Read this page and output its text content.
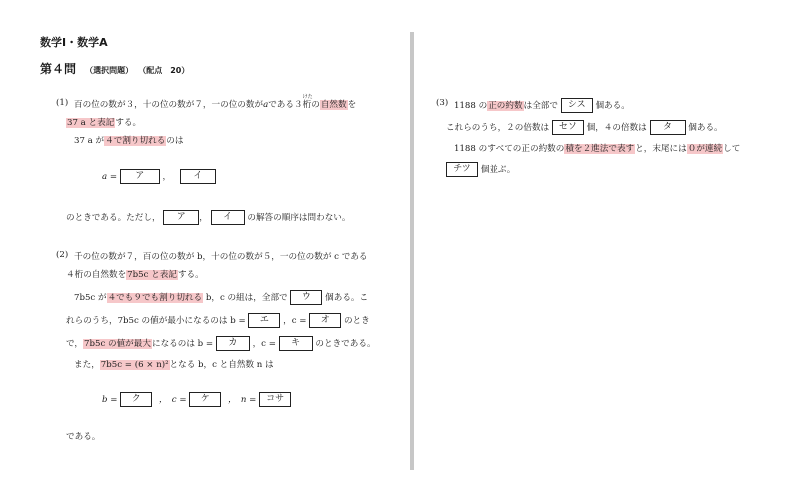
数学Ⅰ・数学A
第４問 （選択問題） （配点　20）
(1) 百の位の数が３，十の位の数が７，一の位の数がaである３
けた
桁の自然数を
37 a と表記する。
37 a が４で割り切れるのは
a = ア ， イ
のときである。ただし， ア ， イ の解答の順序は問わない。
(2) 千の位の数が７，百の位の数が b，十の位の数が５，一の位の数が c である
４桁の自然数を7b5c と表記する。
7b5c が４でも９でも割り切れる b，c の組は，全部で ウ 個ある。こ
れらのうち，7b5c の値が最小になるのは b = エ ，c = オ のとき
で，7b5c の値が最大になるのは b = カ ，c = キ のときである。
また，7b5c = (6 × n)²となる b，c と自然数 n は
b = ク ，　c = ケ ，　n = コサ
である。
(3) 1188 の正の約数は全部で シス 個ある。
これらのうち，２の倍数は セソ 個，４の倍数は タ 個ある。
1188 のすべての正の約数の積を２進法で表すと，末尾には０が連続して
チツ 個並ぶ。
